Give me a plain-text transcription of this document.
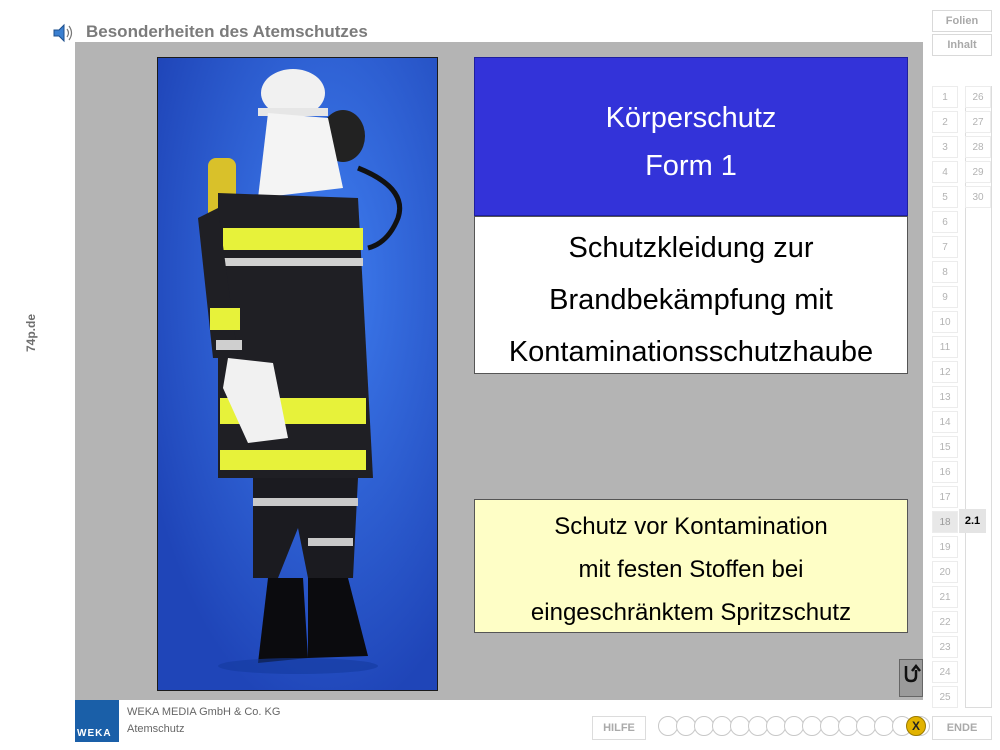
Besonderheiten des Atemschutzes
74p.de
Körperschutz
Form 1
Schutzkleidung zur
Brandbekämpfung mit
Kontaminationsschutzhaube
Schutz vor Kontamination
mit festen Stoffen bei
eingeschränktem Spritzschutz
Folien
Inhalt
2.1
1
2
3
4
5
6
7
8
9
10
11
12
13
14
15
16
17
18
19
20
21
22
23
24
25
26
27
28
29
30
WEKA
WEKA MEDIA GmbH & Co. KG
Atemschutz	HILFE	X	ENDE
